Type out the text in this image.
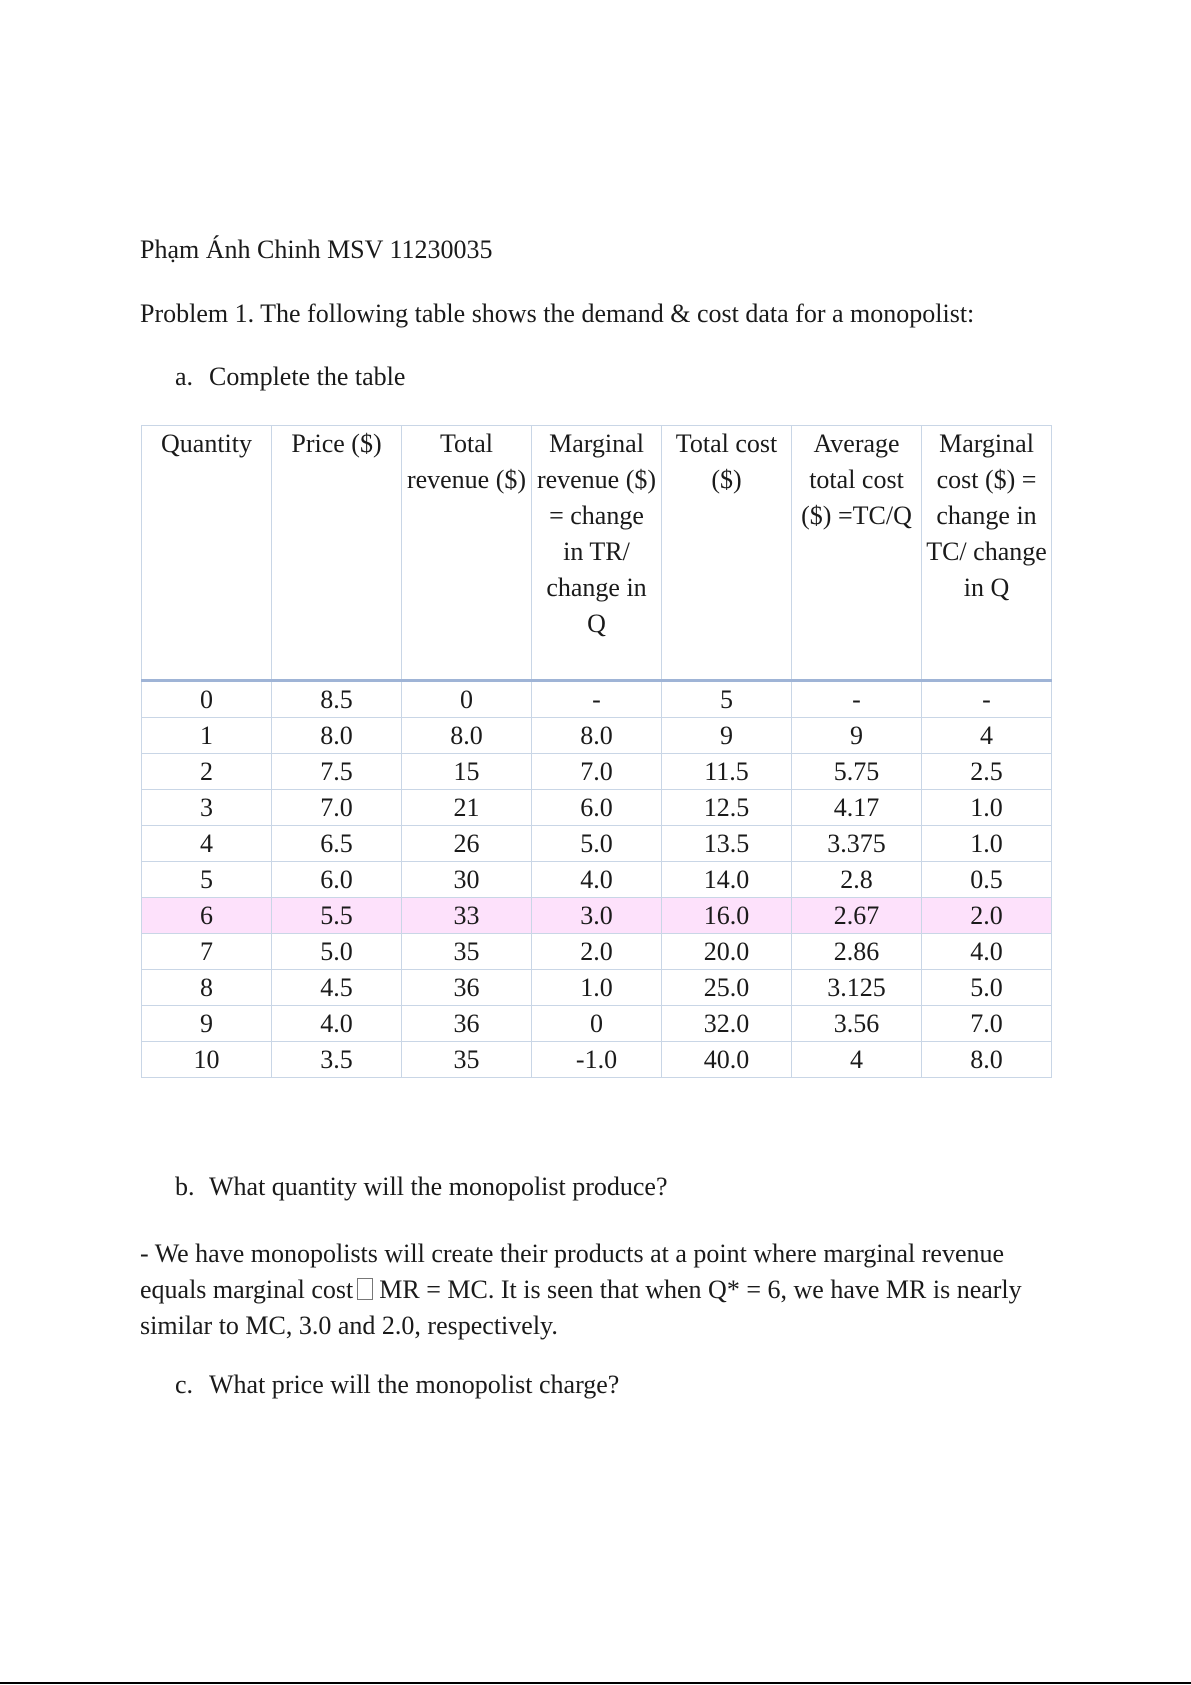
Phạm Ánh Chinh MSV 11230035
Problem 1. The following table shows the demand & cost data for a monopolist:
a. Complete the table
Quantity	Price ($)	Total revenue ($)	Marginal revenue ($) = change in TR/ change in Q	Total cost ($)	Average total cost ($) =TC/Q	Marginal cost ($) = change in TC/ change in Q
0	8.5	0	-	5	-	-
1	8.0	8.0	8.0	9	9	4
2	7.5	15	7.0	11.5	5.75	2.5
3	7.0	21	6.0	12.5	4.17	1.0
4	6.5	26	5.0	13.5	3.375	1.0
5	6.0	30	4.0	14.0	2.8	0.5
6	5.5	33	3.0	16.0	2.67	2.0
7	5.0	35	2.0	20.0	2.86	4.0
8	4.5	36	1.0	25.0	3.125	5.0
9	4.0	36	0	32.0	3.56	7.0
10	3.5	35	-1.0	40.0	4	8.0
b. What quantity will the monopolist produce?
- We have monopolists will create their products at a point where marginal revenue equals marginal cost MR = MC. It is seen that when Q* = 6, we have MR is nearly similar to MC, 3.0 and 2.0, respectively.
c. What price will the monopolist charge?
